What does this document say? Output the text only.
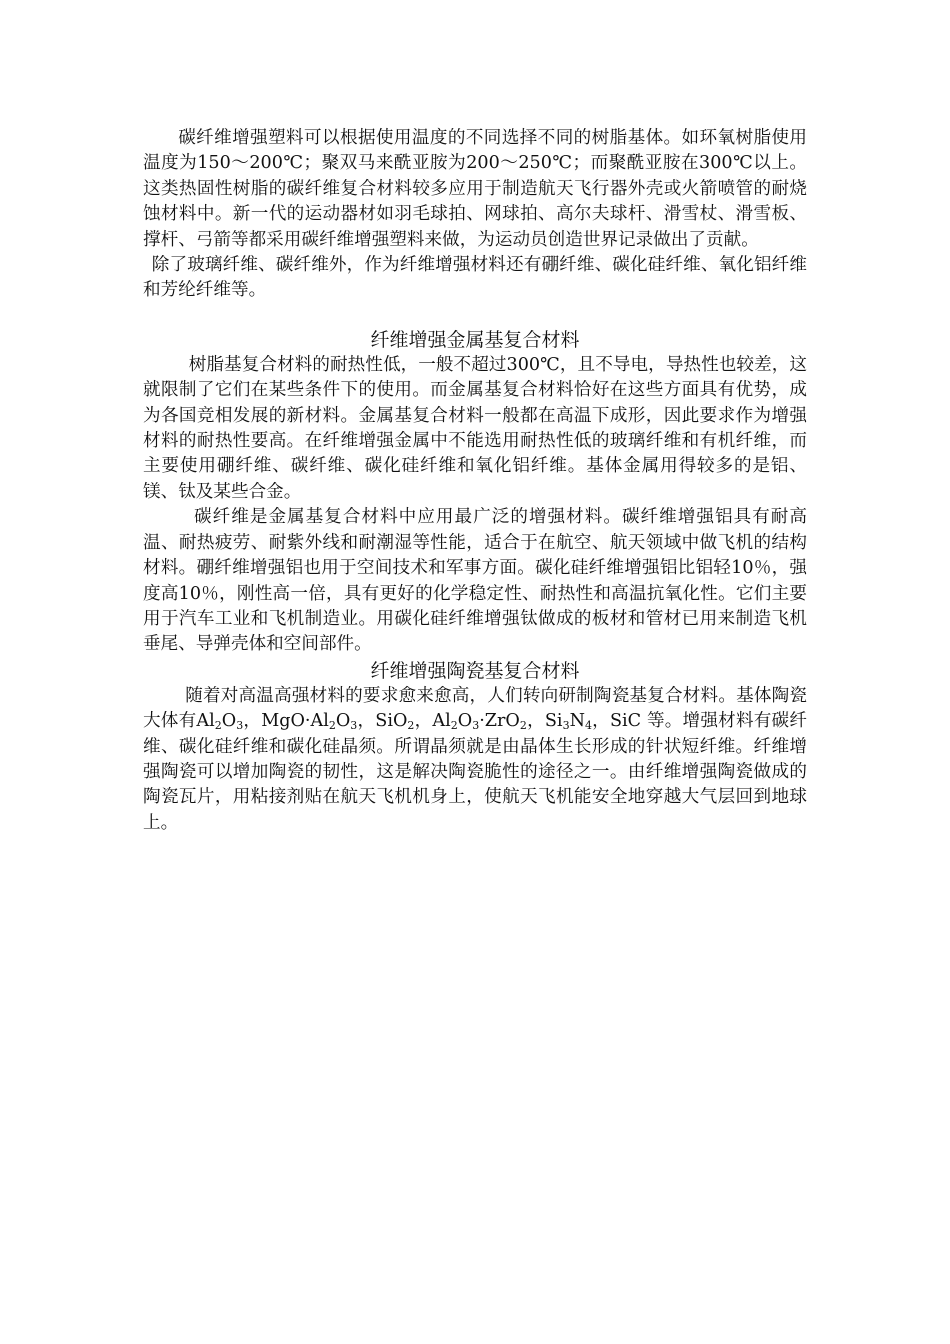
碳纤维增强塑料可以根据使用温度的不同选择不同的树脂基体。如环氧树脂使用温度为150～200℃；聚双马来酰亚胺为200～250℃；而聚酰亚胺在300℃以上。这类热固性树脂的碳纤维复合材料较多应用于制造航天飞行器外壳或火箭喷管的耐烧蚀材料中。新一代的运动器材如羽毛球拍、网球拍、高尔夫球杆、滑雪杖、滑雪板、撑杆、弓箭等都采用碳纤维增强塑料来做，为运动员创造世界记录做出了贡献。

除了玻璃纤维、碳纤维外，作为纤维增强材料还有硼纤维、碳化硅纤维、氧化铝纤维和芳纶纤维等。

纤维增强金属基复合材料

树脂基复合材料的耐热性低，一般不超过300℃，且不导电，导热性也较差，这就限制了它们在某些条件下的使用。而金属基复合材料恰好在这些方面具有优势，成为各国竞相发展的新材料。金属基复合材料一般都在高温下成形，因此要求作为增强材料的耐热性要高。在纤维增强金属中不能选用耐热性低的玻璃纤维和有机纤维，而主要使用硼纤维、碳纤维、碳化硅纤维和氧化铝纤维。基体金属用得较多的是铝、镁、钛及某些合金。

碳纤维是金属基复合材料中应用最广泛的增强材料。碳纤维增强铝具有耐高温、耐热疲劳、耐紫外线和耐潮湿等性能，适合于在航空、航天领域中做飞机的结构材料。硼纤维增强铝也用于空间技术和军事方面。碳化硅纤维增强铝比铝轻10％，强度高10％，刚性高一倍，具有更好的化学稳定性、耐热性和高温抗氧化性。它们主要用于汽车工业和飞机制造业。用碳化硅纤维增强钛做成的板材和管材已用来制造飞机垂尾、导弹壳体和空间部件。

纤维增强陶瓷基复合材料

随着对高温高强材料的要求愈来愈高，人们转向研制陶瓷基复合材料。基体陶瓷大体有$Al_2O_3$，$MgO\cdot Al_2O_3$，SiO$_2$，$Al_2O_3\cdot ZrO_2$，$Si_3N_4$，SiC 等。增强材料有碳纤维、碳化硅纤维和碳化硅晶须。所谓晶须就是由晶体生长形成的针状短纤维。纤维增强陶瓷可以增加陶瓷的韧性，这是解决陶瓷脆性的途径之一。由纤维增强陶瓷做成的陶瓷瓦片，用粘接剂贴在航天飞机机身上，使航天飞机能安全地穿越大气层回到地球上。
